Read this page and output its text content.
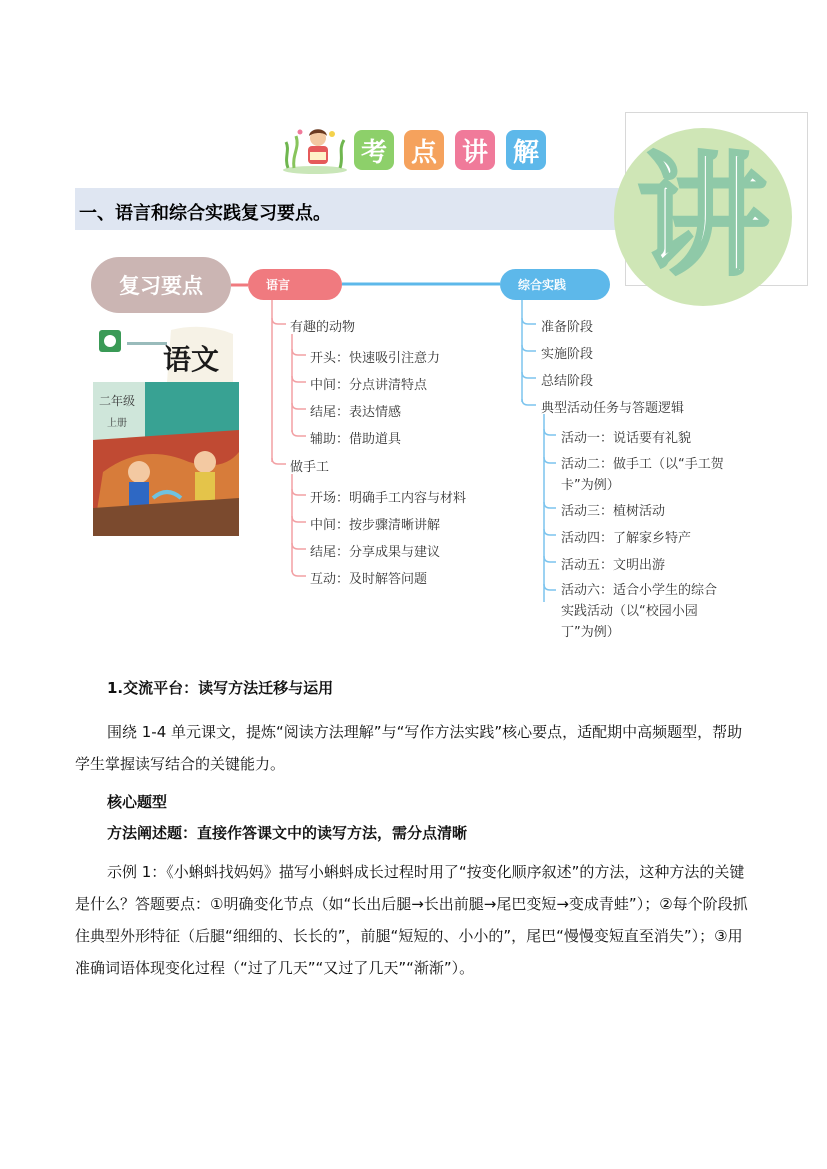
考 点 讲 解
一、语言和综合实践复习要点。 讲
复习要点	语言	综合实践
语文
二年级
上册
有趣的动物
开头：快速吸引注意力
中间：分点讲清特点
结尾：表达情感
辅助：借助道具
做手工
开场：明确手工内容与材料
中间：按步骤清晰讲解
结尾：分享成果与建议
互动：及时解答问题
准备阶段
实施阶段
总结阶段
典型活动任务与答题逻辑
活动一：说话要有礼貌
活动二：做手工（以“手工贺卡”为例）
活动三：植树活动
活动四：了解家乡特产
活动五：文明出游
活动六：适合小学生的综合实践活动（以“校园小园丁”为例）
1.交流平台：读写方法迁移与运用
围绕 1-4 单元课文，提炼“阅读方法理解”与“写作方法实践”核心要点，适配期中高频题型，帮助学生掌握读写结合的关键能力。
核心题型
方法阐述题：直接作答课文中的读写方法，需分点清晰
示例 1：《小蝌蚪找妈妈》描写小蝌蚪成长过程时用了“按变化顺序叙述”的方法，这种方法的关键是什么？答题要点：①明确变化节点（如“长出后腿→长出前腿→尾巴变短→变成青蛙”）；②每个阶段抓住典型外形特征（后腿“细细的、长长的”，前腿“短短的、小小的”，尾巴“慢慢变短直至消失”）；③用准确词语体现变化过程（“过了几天”“又过了几天”“渐渐”）。
